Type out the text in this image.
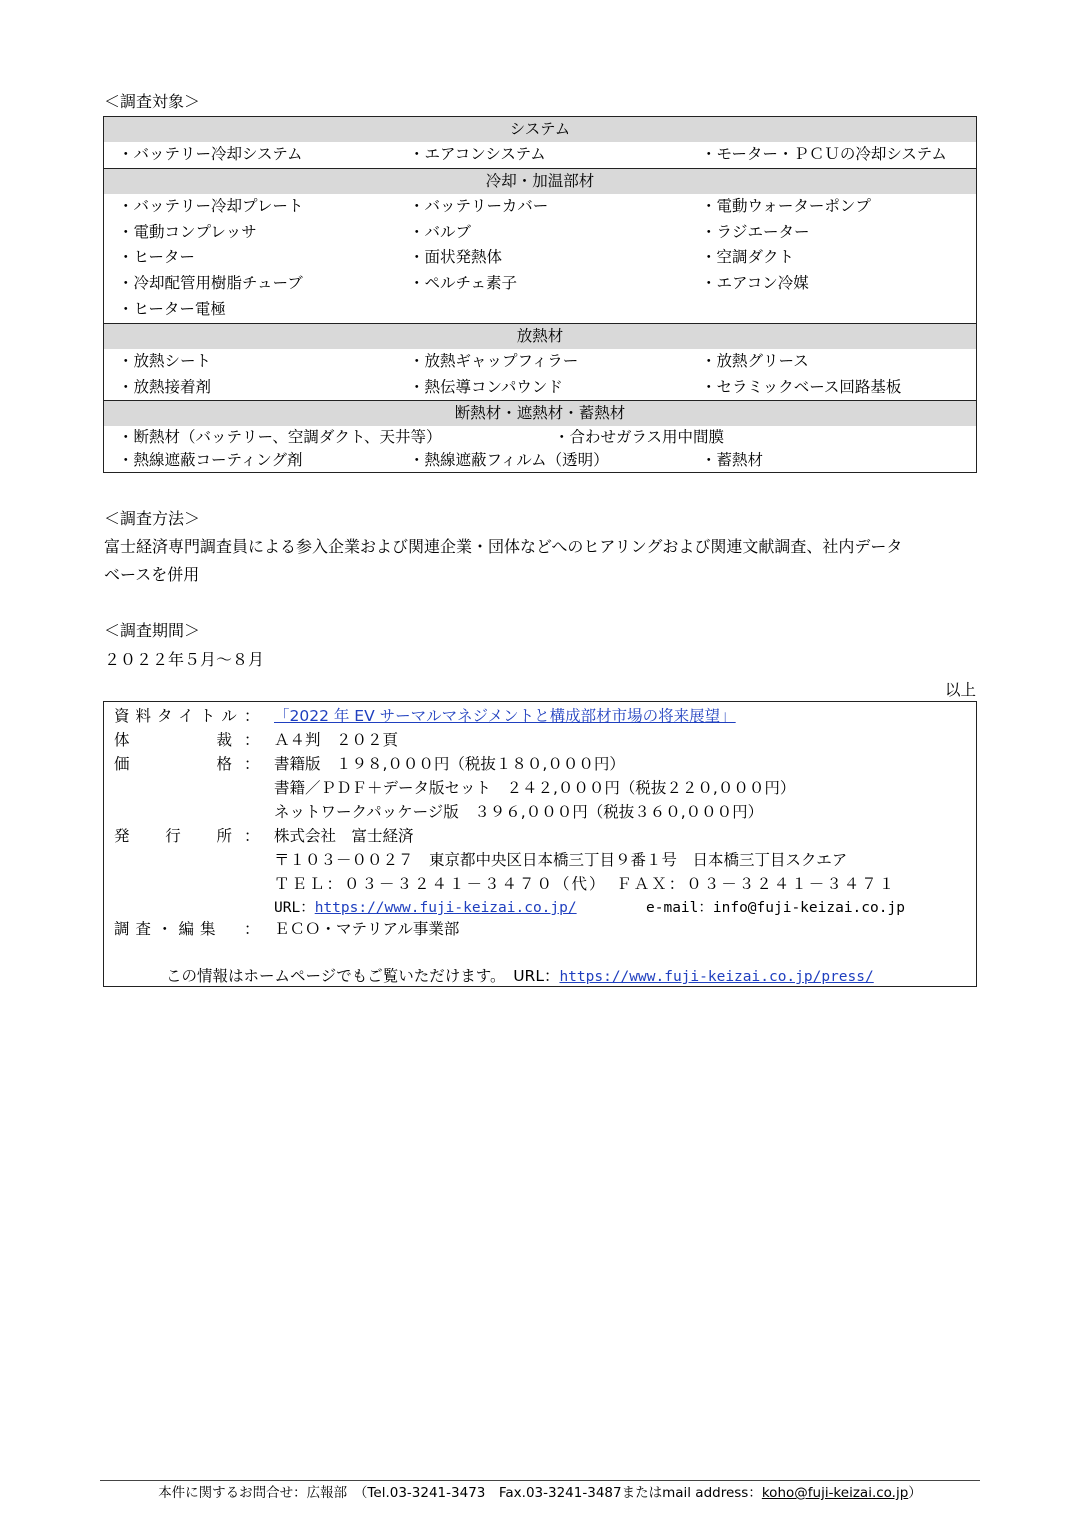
＜調査対象＞
システム
・バッテリー冷却システム	・エアコンシステム	・モーター・ＰＣＵの冷却システム
冷却・加温部材
・バッテリー冷却プレート	・バッテリーカバー	・電動ウォーターポンプ
・電動コンプレッサ	・バルブ	・ラジエーター
・ヒーター	・面状発熱体	・空調ダクト
・冷却配管用樹脂チューブ	・ペルチェ素子	・エアコン冷媒
・ヒーター電極
放熱材
・放熱シート	・放熱ギャップフィラー	・放熱グリース
・放熱接着剤	・熱伝導コンパウンド	・セラミックベース回路基板
断熱材・遮熱材・蓄熱材
・断熱材（バッテリー、空調ダクト、天井等）	・合わせガラス用中間膜
・熱線遮蔽コーティング剤	・熱線遮蔽フィルム（透明）	・蓄熱材
＜調査方法＞
富士経済専門調査員による参入企業および関連企業・団体などへのヒアリングおよび関連文献調査、社内データ
ベースを併用
＜調査期間＞
２０２２年５月～８月
以上
資料タイトル ： 「2022 年 EV サーマルマネジメントと構成部材市場の将来展望」
体	裁 ： Ａ４判　２０２頁
価	格 ： 書籍版　１９８,０００円（税抜１８０,０００円）
書籍／ＰＤＦ＋データ版セット　２４２,０００円（税抜２２０,０００円）
ネットワークパッケージ版　３９６,０００円（税抜３６０,０００円）
発 行 所 ： 株式会社　富士経済
〒１０３－００２７　東京都中央区日本橋三丁目９番１号　日本橋三丁目スクエア
ＴＥＬ：０３－３２４１－３４７０（代）　ＦＡＸ：０３－３２４１－３４７１
URL：https://www.fuji-keizai.co.jp/	e-mail：info@fuji-keizai.co.jp
調査・編集	： ＥＣＯ・マテリアル事業部
この情報はホームページでもご覧いただけます。　URL：https://www.fuji-keizai.co.jp/press/
本件に関するお問合せ：広報部　（Tel.03-3241-3473　Fax.03-3241-3487またはmail address：koho@fuji-keizai.co.jp）
